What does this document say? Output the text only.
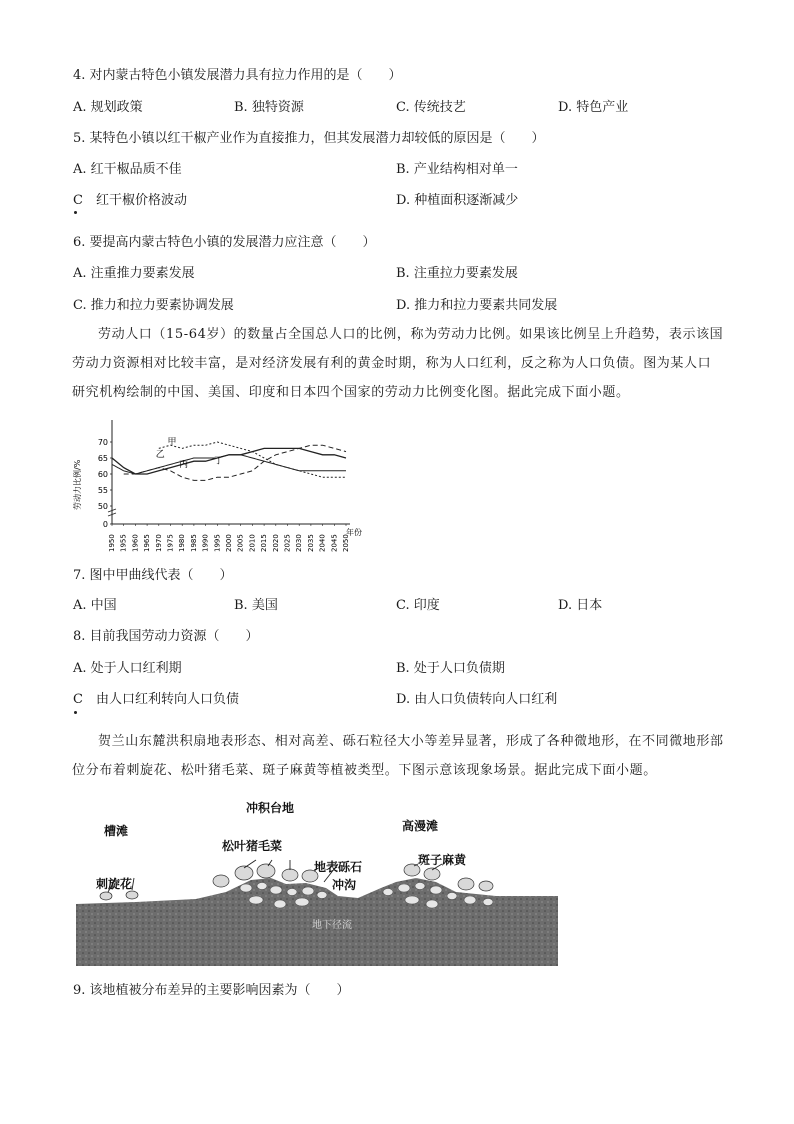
4. 对内蒙古特色小镇发展潜力具有拉力作用的是（　　）
A. 规划政策	B. 独特资源	C. 传统技艺	D. 特色产业
5. 某特色小镇以红干椒产业作为直接推力，但其发展潜力却较低的原因是（　　）
A. 红干椒品质不佳	B. 产业结构相对单一
C　红干椒价格波动	D. 种植面积逐渐减少
6. 要提高内蒙古特色小镇的发展潜力应注意（　　）
A. 注重推力要素发展	B. 注重拉力要素发展
C. 推力和拉力要素协调发展	D. 推力和拉力要素共同发展
劳动人口（15-64岁）的数量占全国总人口的比例，称为劳动力比例。如果该比例呈上升趋势，表示该国劳动力资源相对比较丰富，是对经济发展有利的黄金时期，称为人口红利，反之称为人口负债。图为某人口研究机构绘制的中国、美国、印度和日本四个国家的劳动力比例变化图。据此完成下面小题。
劳动力比例/%
年份
0
50
55
60
65
70
1950 1955 1960 1965 1970 1975 1980 1985 1990 1995 2000 2005 2010 2015 2020 2025 2030 2035 2040 2045 2050
甲
乙
丙	丁
7. 图中甲曲线代表（　　）
A. 中国	B. 美国	C. 印度	D. 日本
8. 目前我国劳动力资源（　　）
A. 处于人口红利期	B. 处于人口负债期
C　由人口红利转向人口负债	D. 由人口负债转向人口红利
贺兰山东麓洪积扇地表形态、相对高差、砾石粒径大小等差异显著，形成了各种微地形，在不同微地形部位分布着刺旋花、松叶猪毛菜、斑子麻黄等植被类型。下图示意该现象场景。据此完成下面小题。
冲积台地
槽滩	高漫滩
松叶猪毛菜
地表砾石	斑子麻黄
刺旋花	冲沟
地下径流
9. 该地植被分布差异的主要影响因素为（　　）
